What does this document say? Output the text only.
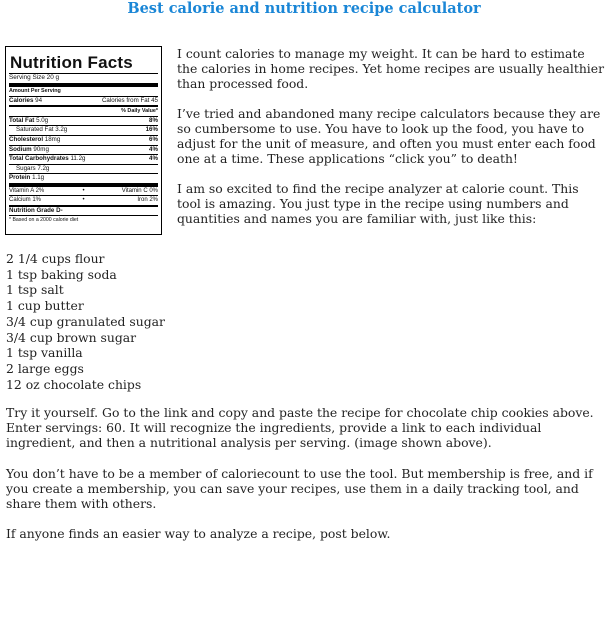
Best calorie and nutrition recipe calculator
Nutrition Facts
Serving Size 20 g
Amount Per Serving
Calories 94	Calories from Fat 45
% Daily Value*
Total Fat 5.0g	8%
Saturated Fat 3.2g	16%
Cholesterol 18mg	6%
Sodium 90mg	4%
Total Carbohydrates 11.2g	4%
Sugars 7.2g
Protein 1.1g
Vitamin A 2%	•	Vitamin C 0%
Calcium 1%	•	Iron 2%
Nutrition Grade D-
* Based on a 2000 calorie diet

I count calories to manage my weight. It can be hard to estimate the calories in home recipes. Yet home recipes are usually healthier than processed food.

I’ve tried and abandoned many recipe calculators because they are so cumbersome to use. You have to look up the food, you have to adjust for the unit of measure, and often you must enter each food one at a time. These applications “click you” to death!

I am so excited to find the recipe analyzer at calorie count. This tool is amazing. You just type in the recipe using numbers and quantities and names you are familiar with, just like this:

2 1/4 cups flour
1 tsp baking soda
1 tsp salt
1 cup butter
3/4 cup granulated sugar
3/4 cup brown sugar
1 tsp vanilla
2 large eggs
12 oz chocolate chips

Try it yourself. Go to the link and copy and paste the recipe for chocolate chip cookies above. Enter servings: 60. It will recognize the ingredients, provide a link to each individual ingredient, and then a nutritional analysis per serving. (image shown above).

You don’t have to be a member of caloriecount to use the tool. But membership is free, and if you create a membership, you can save your recipes, use them in a daily tracking tool, and share them with others.

If anyone finds an easier way to analyze a recipe, post below.
